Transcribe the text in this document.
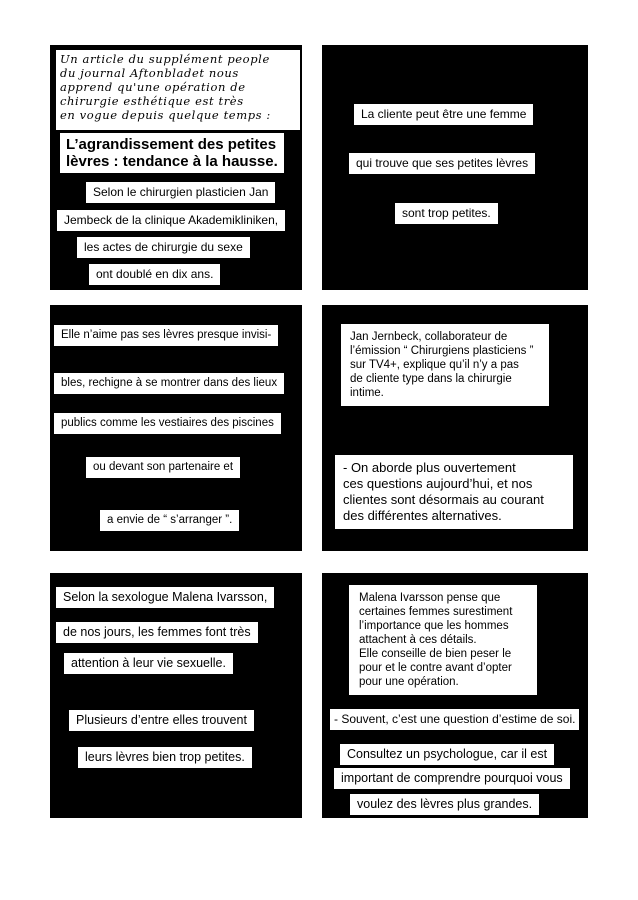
Un article du supplément people
du journal Aftonbladet nous
apprend qu'une opération de
chirurgie esthétique est très
en vogue depuis quelque temps :
L’agrandissement des petites
lèvres : tendance à la hausse.
Selon le chirurgien plasticien Jan
Jembeck de la clinique Akademikliniken,
les actes de chirurgie du sexe
ont doublé en dix ans.
La cliente peut être une femme
qui trouve que ses petites lèvres
sont trop petites.
Elle n’aime pas ses lèvres presque invisi-
bles, rechigne à se montrer dans des lieux
publics comme les vestiaires des piscines
ou devant son partenaire et
a envie de “ s’arranger ”.
Jan Jernbeck, collaborateur de
l’émission “ Chirurgiens plasticiens ”
sur TV4+, explique qu’il n’y a pas
de cliente type dans la chirurgie
intime.
- On aborde plus ouvertement
ces questions aujourd’hui, et nos
clientes sont désormais au courant
des différentes alternatives.
Selon la sexologue Malena Ivarsson,
de nos jours, les femmes font très
attention à leur vie sexuelle.
Plusieurs d’entre elles trouvent
leurs lèvres bien trop petites.
Malena Ivarsson pense que
certaines femmes surestiment
l’importance que les hommes
attachent à ces détails.
Elle conseille de bien peser le
pour et le contre avant d’opter
pour une opération.
- Souvent, c’est une question d’estime de soi.
Consultez un psychologue, car il est
important de comprendre pourquoi vous
voulez des lèvres plus grandes.
